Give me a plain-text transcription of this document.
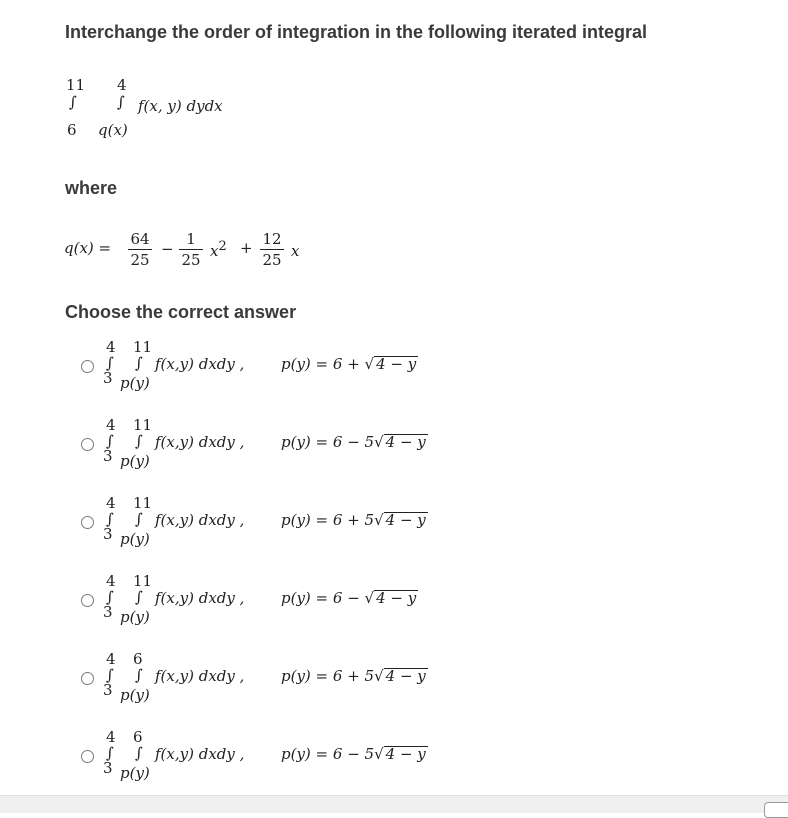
Interchange the order of integration in the following iterated integral
11
∫
6
4
∫
q(x)
f(x, y) dydx
where
q(x) = 64
25
−
1
25 $x^2 + 12$
25 x
Choose the correct answer
4
∫
3
11
∫
p(y)
f(x,y) dxdy , p(y) = 6 + √ 4 − y
4
∫
3
11
∫
p(y)
f(x,y) dxdy , p(y) = 6 − 5√ 4 − y
4
∫
3
11
∫
p(y)
f(x,y) dxdy , p(y) = 6 + 5√ 4 − y
4
∫
3
11
∫
p(y)
f(x,y) dxdy , p(y) = 6 − √ 4 − y
4
∫
3
6
∫
p(y)
f(x,y) dxdy , p(y) = 6 + 5√ 4 − y
4
∫
3
6
∫
p(y)
f(x,y) dxdy , p(y) = 6 − 5√ 4 − y
